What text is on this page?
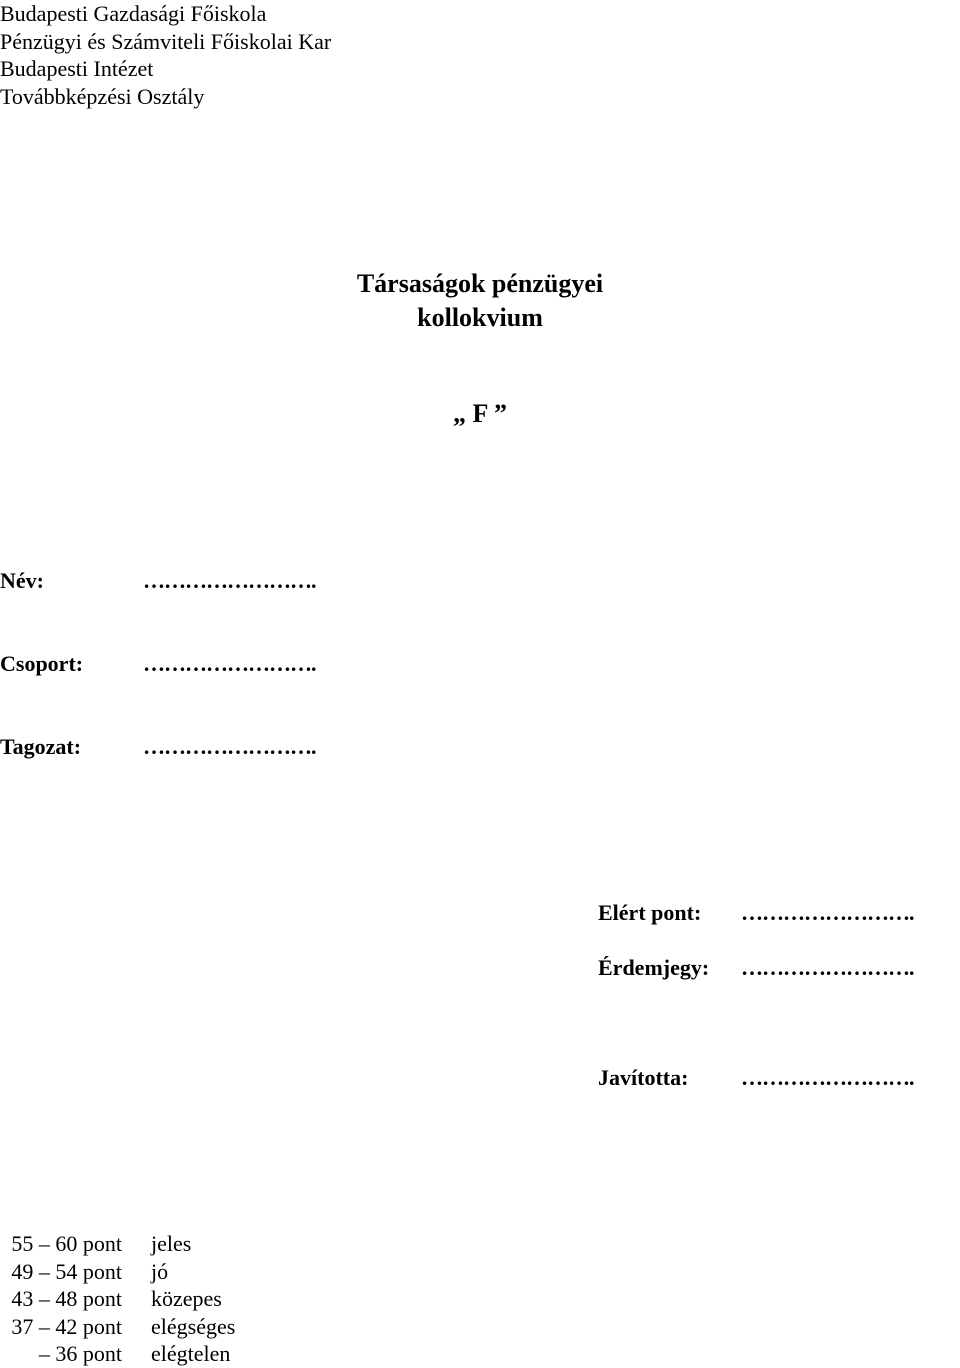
Budapesti Gazdasági Főiskola
Pénzügyi és Számviteli Főiskolai Kar
Budapesti Intézet
Továbbképzési Osztály
Társaságok pénzügyei
kollokvium
„ F ”
Név:	…………………….
Csoport:	…………………….
Tagozat:	…………………….
Elért pont: …………………….
Érdemjegy: …………………….
Javította: …………………….
55 – 60 pont jeles
49 – 54 pont jó
43 – 48 pont közepes
37 – 42 pont elégséges
– 36 pont elégtelen
